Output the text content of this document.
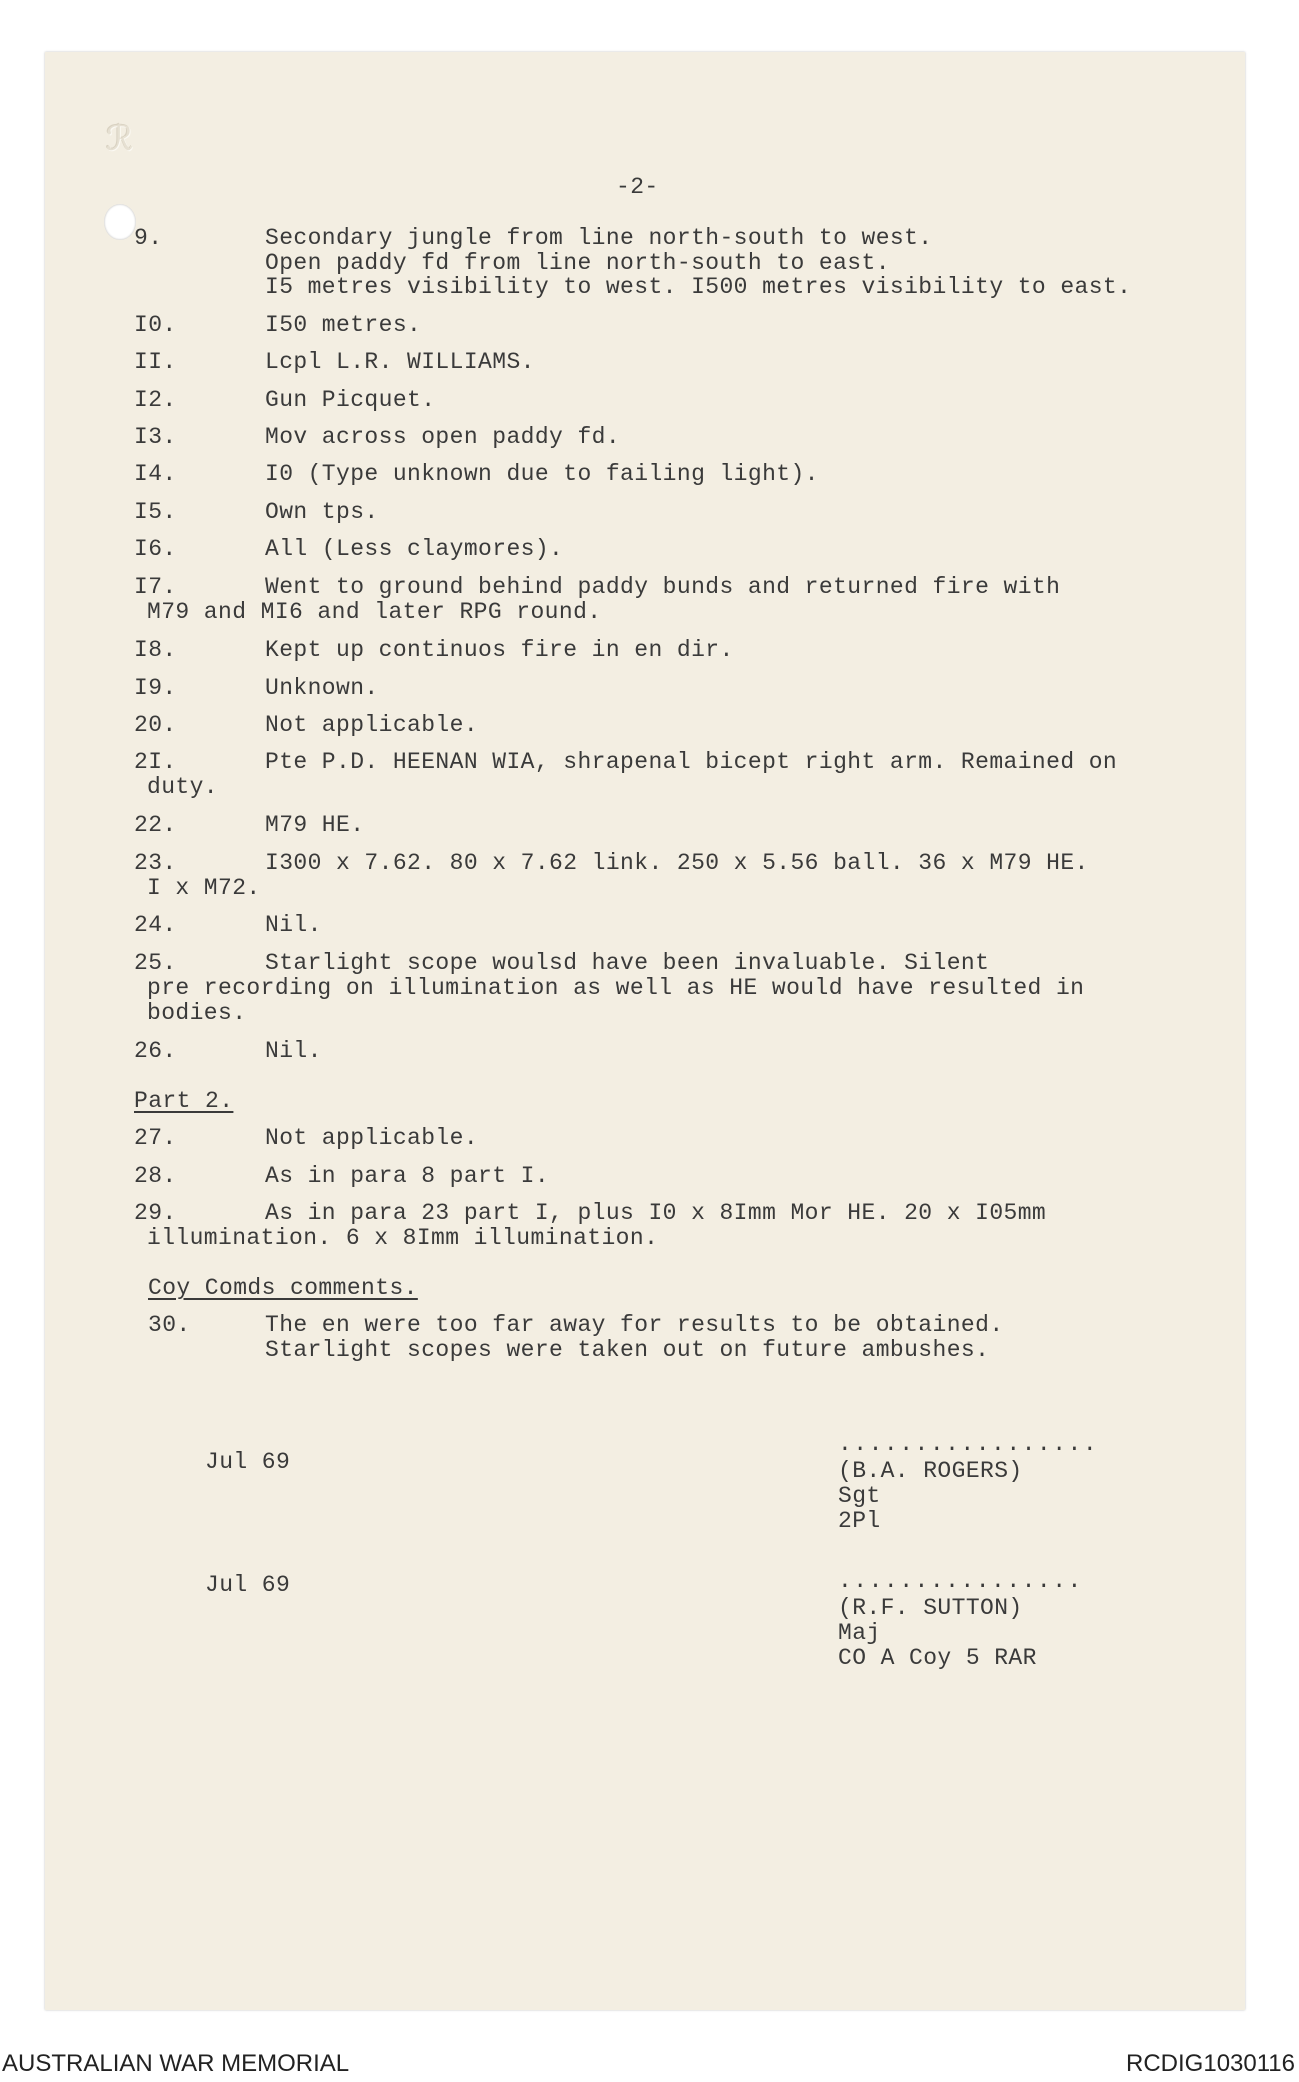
ℛ
-2-
9.	Secondary jungle from line north-south to west.
Open paddy fd from line north-south to east.
I5 metres visibility to west. I500 metres visibility to east.
I0.	I50 metres.
II.	Lcpl L.R. WILLIAMS.
I2.	Gun Picquet.
I3.	Mov across open paddy fd.
I4.	I0 (Type unknown due to failing light).
I5.	Own tps.
I6.	All (Less claymores).
I7.	Went to ground behind paddy bunds and returned fire with
M79 and MI6 and later RPG round.
I8.	Kept up continuos fire in en dir.
I9.	Unknown.
20.	Not applicable.
2I.	Pte P.D. HEENAN WIA, shrapenal bicept right arm. Remained on
duty.
22.	M79 HE.
23.	I300 x 7.62. 80 x 7.62 link. 250 x 5.56 ball. 36 x M79 HE.
I x M72.
24.	Nil.
25.	Starlight scope woulsd have been invaluable. Silent
pre recording on illumination as well as HE would have resulted in
bodies.
26.	Nil.
Part 2.
27.	Not applicable.
28.	As in para 8 part I.
29.	As in para 23 part I, plus I0 x 8Imm Mor HE. 20 x I05mm
illumination. 6 x 8Imm illumination.
Coy Comds comments.
30.	The en were too far away for results to be obtained.
Starlight scopes were taken out on future ambushes.
Jul 69
.................
(B.A. ROGERS)
Sgt
2Pl
Jul 69	................
(R.F. SUTTON)
Maj
CO A Coy 5 RAR
AUSTRALIAN WAR MEMORIAL	RCDIG1030116
